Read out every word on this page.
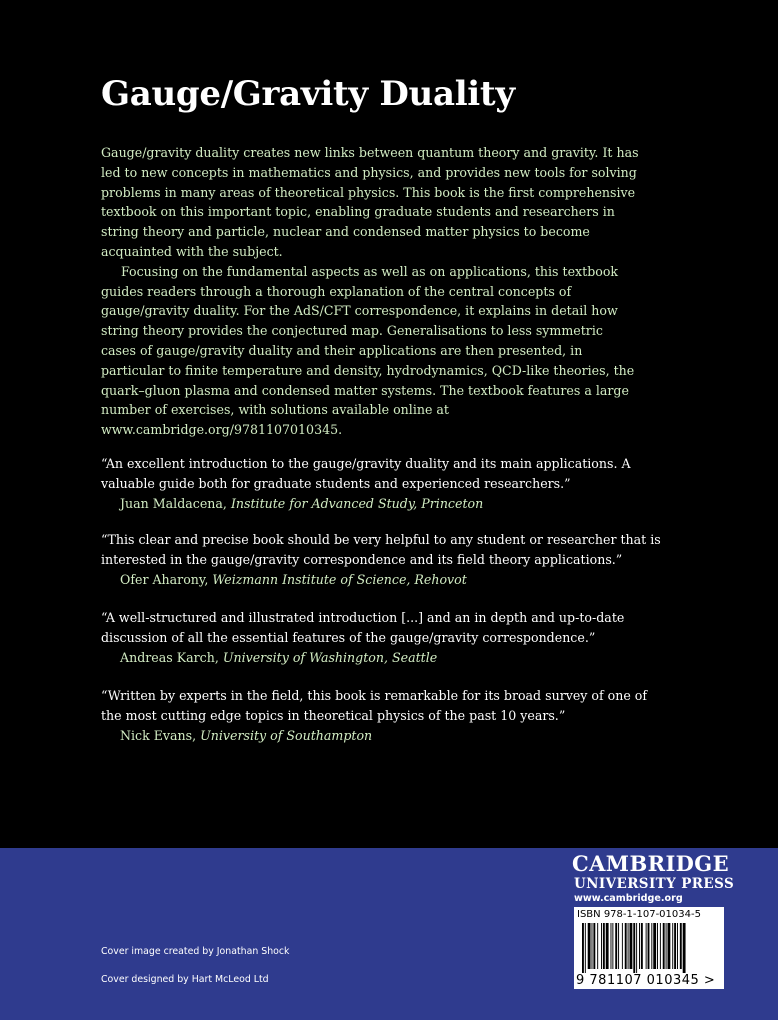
Gauge/Gravity Duality

Gauge/gravity duality creates new links between quantum theory and gravity. It has led to new concepts in mathematics and physics, and provides new tools for solving problems in many areas of theoretical physics. This book is the first comprehensive textbook on this important topic, enabling graduate students and researchers in string theory and particle, nuclear and condensed matter physics to become acquainted with the subject.

Focusing on the fundamental aspects as well as on applications, this textbook guides readers through a thorough explanation of the central concepts of gauge/gravity duality. For the AdS/CFT correspondence, it explains in detail how string theory provides the conjectured map. Generalisations to less symmetric cases of gauge/gravity duality and their applications are then presented, in particular to finite temperature and density, hydrodynamics, QCD-like theories, the quark–gluon plasma and condensed matter systems. The textbook features a large number of exercises, with solutions available online at www.cambridge.org/9781107010345.

“An excellent introduction to the gauge/gravity duality and its main applications. A valuable guide both for graduate students and experienced researchers.”

Juan Maldacena, Institute for Advanced Study, Princeton

“This clear and precise book should be very helpful to any student or researcher that is interested in the gauge/gravity correspondence and its field theory applications.”

Ofer Aharony, Weizmann Institute of Science, Rehovot

“A well-structured and illustrated introduction [...] and an in depth and up-to-date discussion of all the essential features of the gauge/gravity correspondence.”

Andreas Karch, University of Washington, Seattle

“Written by experts in the field, this book is remarkable for its broad survey of one of the most cutting edge topics in theoretical physics of the past 10 years.”

Nick Evans, University of Southampton

Cover image created by Jonathan Shock
Cover designed by Hart McLeod Ltd
CAMBRIDGE
UNIVERSITY PRESS
www.cambridge.org
ISBN 978-1-107-01034-5
9 781107 010345 >
